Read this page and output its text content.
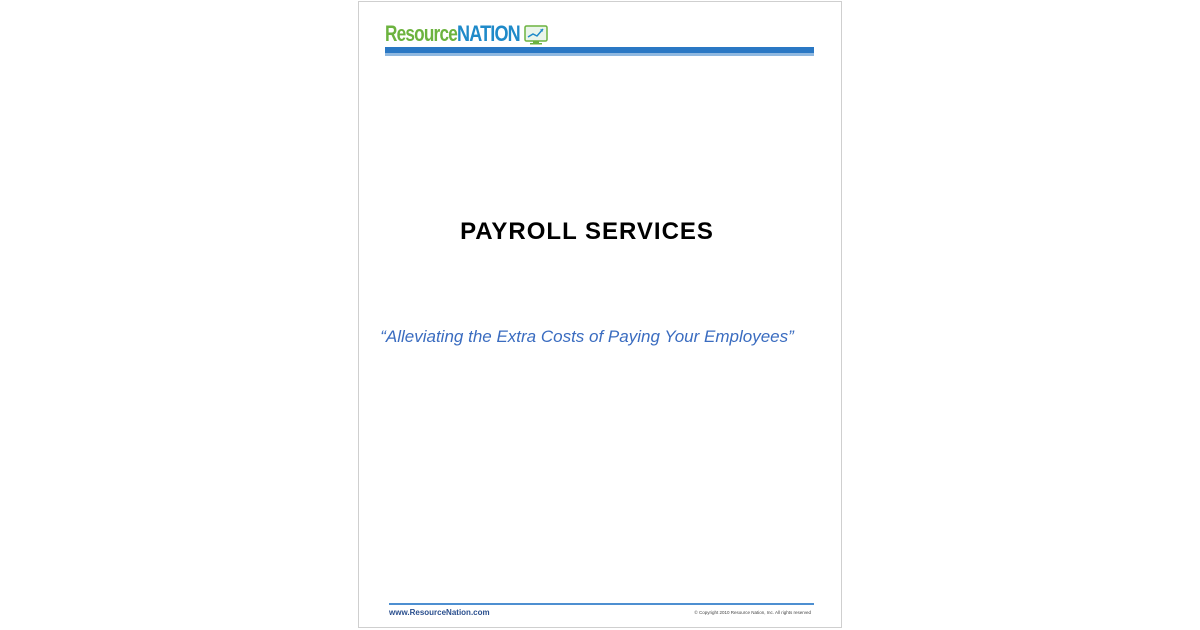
Resource NATION
PAYROLL SERVICES
“Alleviating the Extra Costs of Paying Your Employees”
www.ResourceNation.com	© Copyright 2010 Resource Nation, Inc. All rights reserved
